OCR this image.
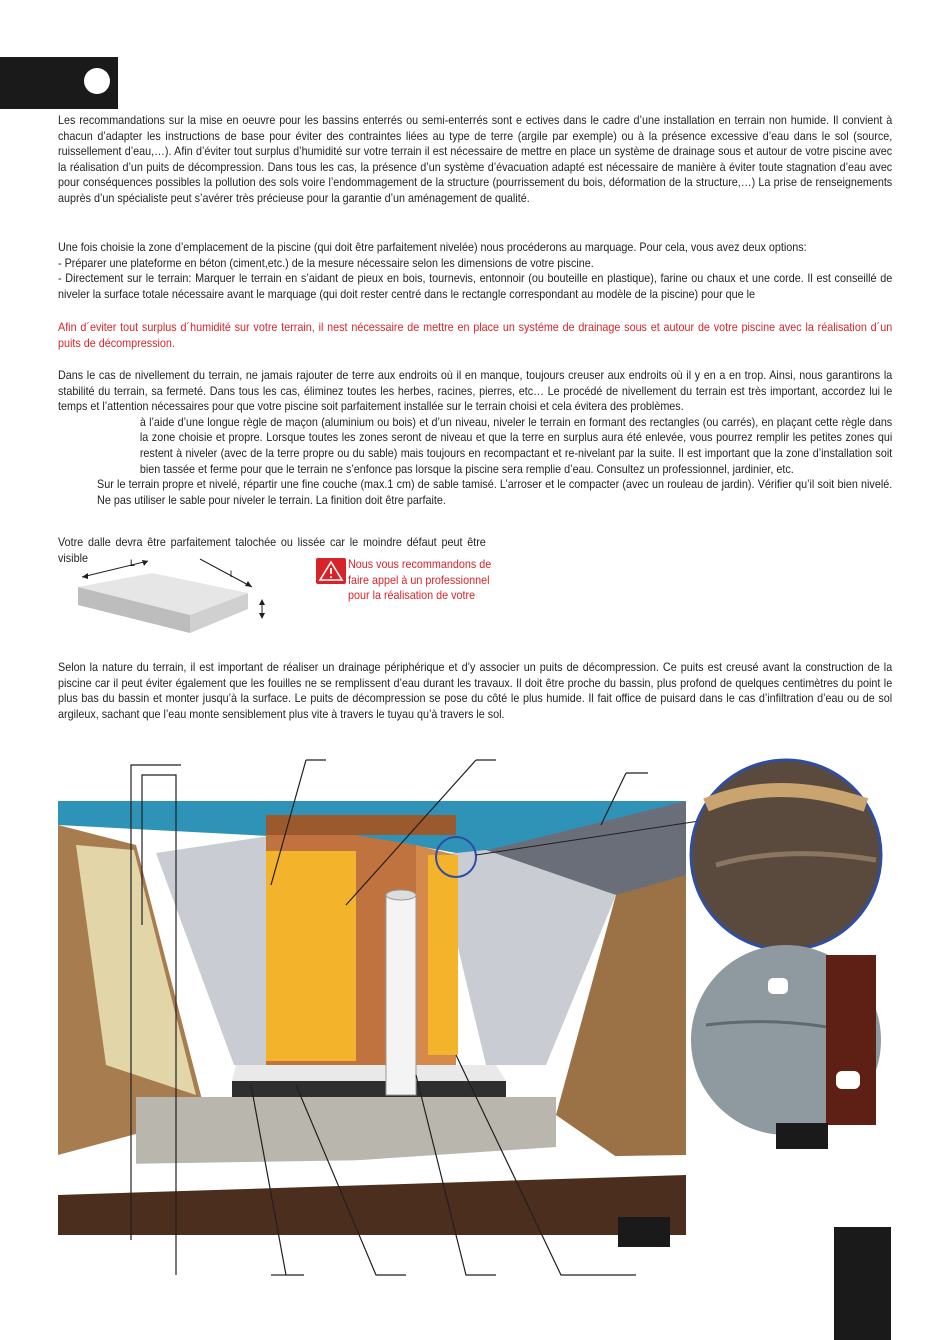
Les recommandations sur la mise en oeuvre pour les bassins enterrés ou semi-enterrés sont e ectives dans le cadre d’une installation en terrain non humide. Il convient à chacun d’adapter les instructions de base pour éviter des contraintes liées au type de terre (argile par exemple) ou à la présence excessive d’eau dans le sol (source, ruissellement d’eau,…). Afin d’éviter tout surplus d’humidité sur votre terrain il est nécessaire de mettre en place un système de drainage sous et autour de votre piscine avec la réalisation d’un puits de décompression. Dans tous les cas, la présence d’un système d’évacuation adapté est nécessaire de manière à éviter toute stagnation d’eau avec pour conséquences possibles la pollution des sols voire l’endommagement de la structure (pourrissement du bois, déformation de la structure,…) La prise de renseignements auprès d’un spécialiste peut s’avérer très précieuse pour la garantie d’un aménagement de qualité.

Une fois choisie la zone d’emplacement de la piscine (qui doit être parfaitement nivelée) nous procéderons au marquage. Pour cela, vous avez deux options:

- Préparer une plateforme en béton (ciment,etc.) de la mesure nécessaire selon les dimensions de votre piscine.

- Directement sur le terrain: Marquer le terrain en s’aidant de pieux en bois, tournevis, entonnoir (ou bouteille en plastique), farine ou chaux et une corde. Il est conseillé de niveler la surface totale nécessaire avant le marquage (qui doit rester centré dans le rectangle correspondant au modèle de la piscine) pour que le

Afin d´eviter tout surplus d´humidité sur votre terrain, il nest nécessaire de mettre en place un systéme de drainage sous et autour de votre piscine avec la réalisation d´un puits de décompression.

Dans le cas de nivellement du terrain, ne jamais rajouter de terre aux endroits où il en manque, toujours creuser aux endroits où il y en a en trop. Ainsi, nous garantirons la stabilité du terrain, sa fermeté. Dans tous les cas, éliminez toutes les herbes, racines, pierres, etc… Le procédé de nivellement du terrain est très important, accordez lui le temps et l’attention nécessaires pour que votre piscine soit parfaitement installée sur le terrain choisi et cela évitera des problèmes.

à l’aide d’une longue règle de maçon (aluminium ou bois) et d’un niveau, niveler le terrain en formant des rectangles (ou carrés), en plaçant cette règle dans la zone choisie et propre. Lorsque toutes les zones seront de niveau et que la terre en surplus aura été enlevée, vous pourrez remplir les petites zones qui restent à niveler (avec de la terre propre ou du sable) mais toujours en recompactant et re-nivelant par la suite. Il est important que la zone d’installation soit bien tassée et ferme pour que le terrain ne s’enfonce pas lorsque la piscine sera remplie d’eau. Consultez un professionnel, jardinier, etc.

Sur le terrain propre et nivelé, répartir une fine couche (max.1 cm) de sable tamisé. L’arroser et le compacter (avec un rouleau de jardin). Vérifier qu’il soit bien nivelé. Ne pas utiliser le sable pour niveler le terrain. La finition doit être parfaite.

Votre dalle devra être parfaitement talochée ou lissée car le moindre défaut peut être visible	L
l
Nous vous recommandons de faire appel à un professionnel pour la réalisation de votre

Selon la nature du terrain, il est important de réaliser un drainage périphérique et d’y associer un puits de décompression. Ce puits est creusé avant la construction de la piscine car il peut éviter également que les fouilles ne se remplissent d’eau durant les travaux. Il doit être proche du bassin, plus profond de quelques centimètres du point le plus bas du bassin et monter jusqu’à la surface. Le puits de décompression se pose du côté le plus humide. Il fait office de puisard dans le cas d’infiltration d’eau ou de sol argileux, sachant que l’eau monte sensiblement plus vite à travers le tuyau qu’à travers le sol.
